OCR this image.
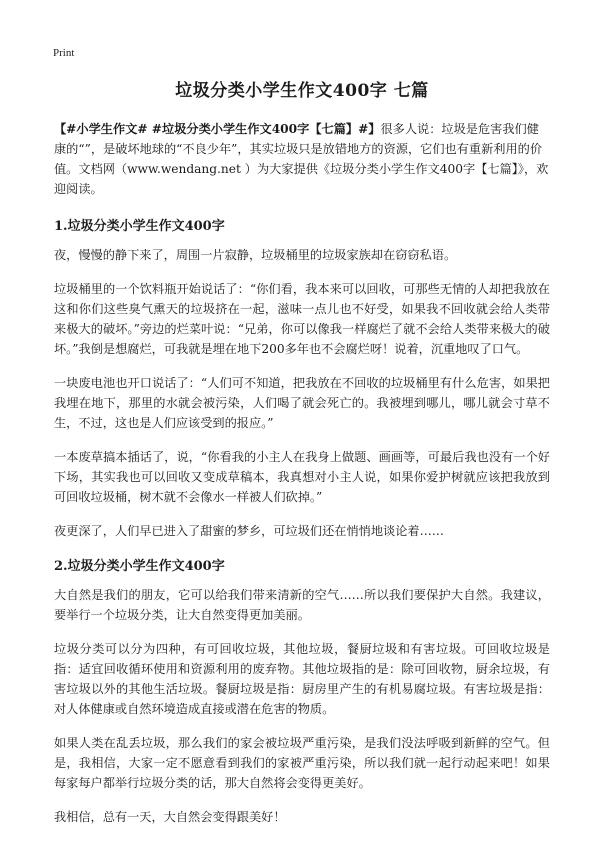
Print
垃圾分类小学生作文400字 七篇

【#小学生作文# #垃圾分类小学生作文400字【七篇】#】很多人说：垃圾是危害我们健康的“”，是破坏地球的“不良少年”，其实垃圾只是放错地方的资源，它们也有重新利用的价值。文档网（www.wendang.net ）为大家提供《垃圾分类小学生作文400字【七篇】》，欢迎阅读。

1.垃圾分类小学生作文400字

夜，慢慢的静下来了，周围一片寂静，垃圾桶里的垃圾家族却在窃窃私语。

垃圾桶里的一个饮料瓶开始说话了：“你们看，我本来可以回收，可那些无情的人却把我放在这和你们这些臭气熏天的垃圾挤在一起，滋味一点儿也不好受，如果我不回收就会给人类带来极大的破坏。”旁边的烂菜叶说：“兄弟，你可以像我一样腐烂了就不会给人类带来极大的破坏。”我倒是想腐烂，可我就是埋在地下200多年也不会腐烂呀！说着，沉重地叹了口气。

一块废电池也开口说话了：“人们可不知道，把我放在不回收的垃圾桶里有什么危害，如果把我埋在地下，那里的水就会被污染，人们喝了就会死亡的。我被埋到哪儿，哪儿就会寸草不生，不过，这也是人们应该受到的报应。”

一本废草搞本插话了，说，“你看我的小主人在我身上做题、画画等，可最后我也没有一个好下场，其实我也可以回收又变成草稿本，我真想对小主人说，如果你爱护树就应该把我放到可回收垃圾桶，树木就不会像水一样被人们砍掉。”

夜更深了，人们早已进入了甜蜜的梦乡，可垃圾们还在悄悄地谈论着……

2.垃圾分类小学生作文400字

大自然是我们的朋友，它可以给我们带来清新的空气……所以我们要保护大自然。我建议，要举行一个垃圾分类，让大自然变得更加美丽。

垃圾分类可以分为四种，有可回收垃圾，其他垃圾，餐厨垃圾和有害垃圾。可回收垃圾是指：适宜回收循环使用和资源利用的废弃物。其他垃圾指的是：除可回收物，厨余垃圾，有害垃圾以外的其他生活垃圾。餐厨垃圾是指：厨房里产生的有机易腐垃圾。有害垃圾是指：对人体健康或自然环境造成直接或潜在危害的物质。

如果人类在乱丢垃圾，那么我们的家会被垃圾严重污染，是我们没法呼吸到新鲜的空气。但是，我相信，大家一定不愿意看到我们的家被严重污染，所以我们就一起行动起来吧！如果每家每户都举行垃圾分类的话，那大自然将会变得更美好。

我相信，总有一天，大自然会变得跟美好！
